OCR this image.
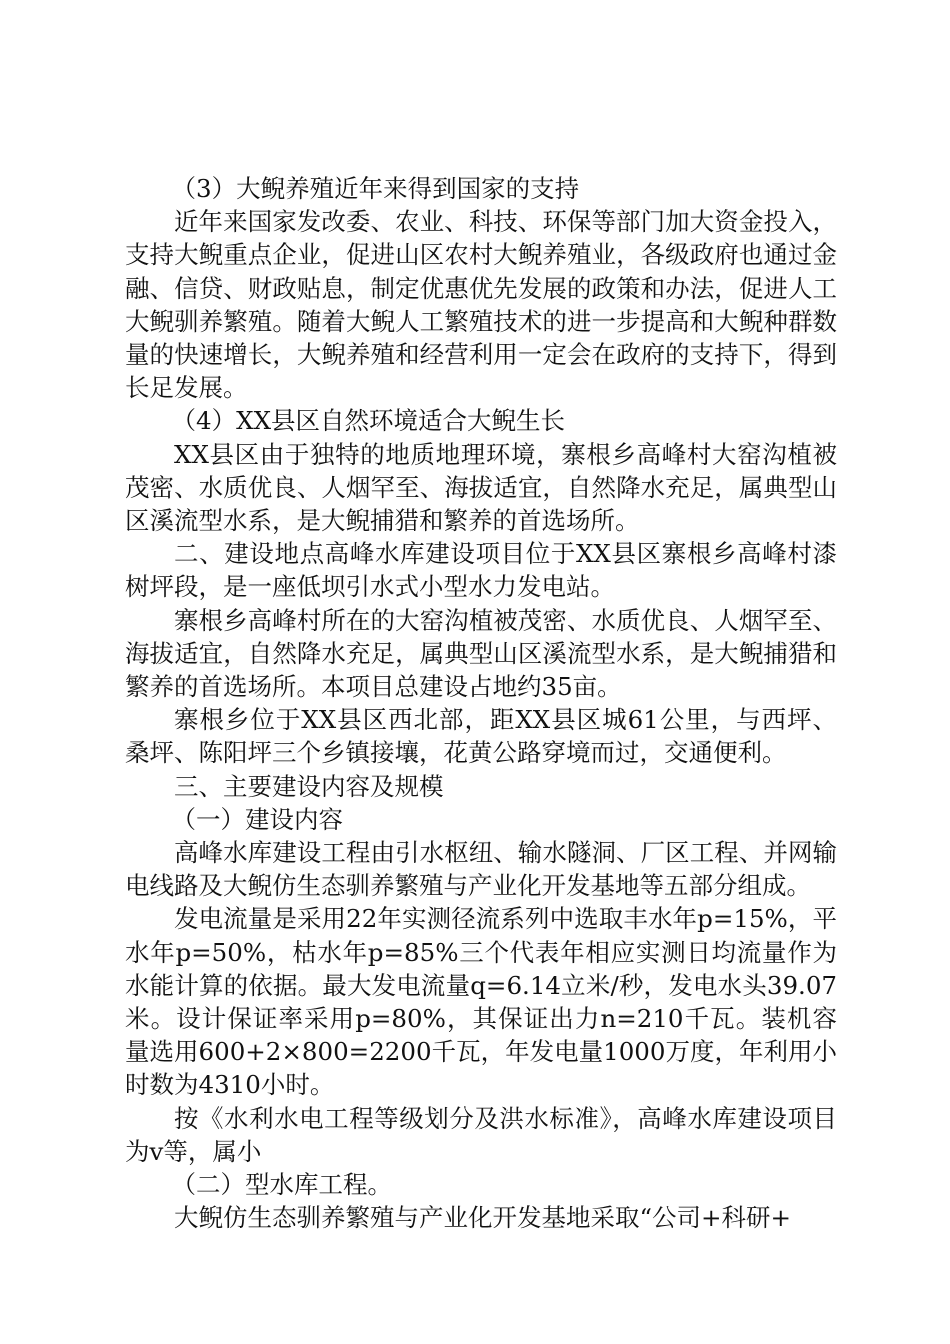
（3）大鲵养殖近年来得到国家的支持

近年来国家发改委、农业、科技、环保等部门加大资金投入，支持大鲵重点企业，促进山区农村大鲵养殖业，各级政府也通过金融、信贷、财政贴息，制定优惠优先发展的政策和办法，促进人工大鲵驯养繁殖。随着大鲵人工繁殖技术的进一步提高和大鲵种群数量的快速增长，大鲵养殖和经营利用一定会在政府的支持下，得到长足发展。

（4）XX县区自然环境适合大鲵生长

XX县区由于独特的地质地理环境，寨根乡高峰村大窑沟植被茂密、水质优良、人烟罕至、海拔适宜，自然降水充足，属典型山区溪流型水系，是大鲵捕猎和繁养的首选场所。

二、建设地点高峰水库建设项目位于XX县区寨根乡高峰村漆树坪段，是一座低坝引水式小型水力发电站。

寨根乡高峰村所在的大窑沟植被茂密、水质优良、人烟罕至、海拔适宜，自然降水充足，属典型山区溪流型水系，是大鲵捕猎和繁养的首选场所。本项目总建设占地约35亩。

寨根乡位于XX县区西北部，距XX县区城61公里，与西坪、桑坪、陈阳坪三个乡镇接壤，花黄公路穿境而过，交通便利。

三、主要建设内容及规模

（一）建设内容

高峰水库建设工程由引水枢纽、输水隧洞、厂区工程、并网输电线路及大鲵仿生态驯养繁殖与产业化开发基地等五部分组成。

发电流量是采用22年实测径流系列中选取丰水年p=15%，平水年p=50%，枯水年p=85%三个代表年相应实测日均流量作为水能计算的依据。最大发电流量q=6.14立米/秒，发电水头39.07米。设计保证率采用p=80%，其保证出力n=210千瓦。装机容量选用600+2×800=2200千瓦，年发电量1000万度，年利用小时数为4310小时。

按《水利水电工程等级划分及洪水标准》，高峰水库建设项目为v等，属小

（二）型水库工程。

大鲵仿生态驯养繁殖与产业化开发基地采取“公司+科研+
